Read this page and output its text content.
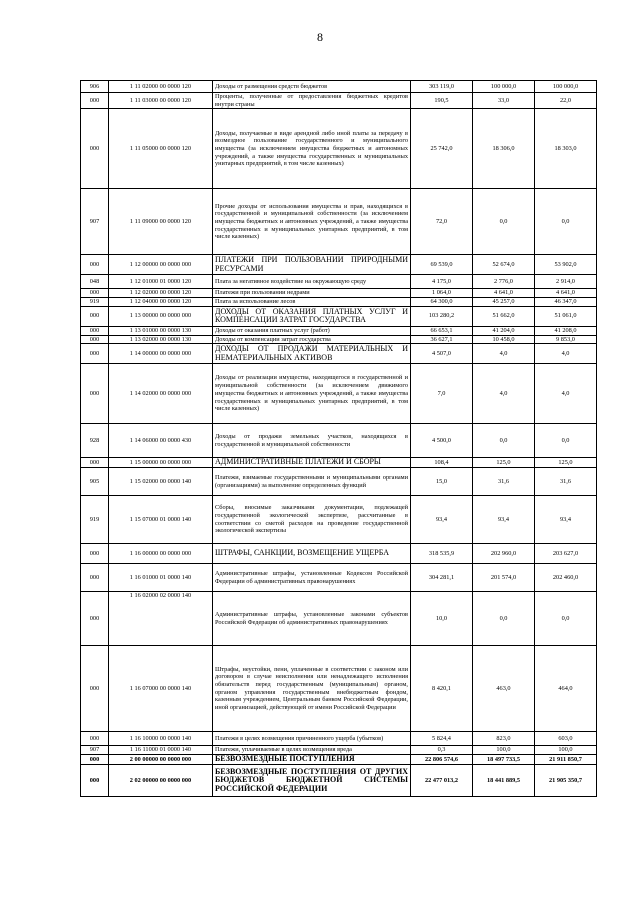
8
906	1 11 02000 00 0000 120	Доходы от размещения средств бюджетов	303 119,0	100 000,0	100 000,0
000	1 11 03000 00 0000 120	Проценты, полученные от предоставления бюджетных кредитов внутри страны	190,5	33,0	22,0
000	1 11 05000 00 0000 120	Доходы, получаемые в виде арендной либо иной платы за передачу в возмездное пользование государственного и муниципального имущества (за исключением имущества бюджетных и автономных учреждений, а также имущества государственных и муниципальных унитарных предприятий, в том числе казенных)	25 742,0	18 306,0	18 303,0
907	1 11 09000 00 0000 120	Прочие доходы от использования имущества и прав, находящихся в государственной и муниципальной собственности (за исключением имущества бюджетных и автономных учреждений, а также имущества государственных и муниципальных унитарных предприятий, в том числе казенных)	72,0	0,0	0,0
000	1 12 00000 00 0000 000	ПЛАТЕЖИ ПРИ ПОЛЬЗОВАНИИ ПРИРОДНЫМИ РЕСУРСАМИ	69 539,0	52 674,0	53 902,0
048	1 12 01000 01 0000 120	Плата за негативное воздействие на окружающую среду	4 175,0	2 776,0	2 914,0
000	1 12 02000 00 0000 120	Платежи при пользовании недрами	1 064,0	4 641,0	4 641,0
919	1 12 04000 00 0000 120	Плата за использование лесов	64 300,0	45 257,0	46 347,0
000	1 13 00000 00 0000 000	ДОХОДЫ ОТ ОКАЗАНИЯ ПЛАТНЫХ УСЛУГ И КОМПЕНСАЦИИ ЗАТРАТ ГОСУДАРСТВА	103 280,2	51 662,0	51 061,0
000	1 13 01000 00 0000 130	Доходы от оказания платных услуг (работ)	66 653,1	41 204,0	41 208,0
000	1 13 02000 00 0000 130	Доходы от компенсации затрат государства	36 627,1	10 458,0	9 853,0
000	1 14 00000 00 0000 000	ДОХОДЫ ОТ ПРОДАЖИ МАТЕРИАЛЬНЫХ И НЕМАТЕРИАЛЬНЫХ АКТИВОВ	4 507,0	4,0	4,0
000	1 14 02000 00 0000 000	Доходы от реализации имущества, находящегося в государственной и муниципальной собственности (за исключением движимого имущества бюджетных и автономных учреждений, а также имущества государственных и муниципальных унитарных предприятий, в том числе казенных)	7,0	4,0	4,0
928	1 14 06000 00 0000 430	Доходы от продажи земельных участков, находящихся в государственной и муниципальной собственности	4 500,0	0,0	0,0
000	1 15 00000 00 0000 000	АДМИНИСТРАТИВНЫЕ ПЛАТЕЖИ И СБОРЫ	108,4	125,0	125,0
905	1 15 02000 00 0000 140	Платежи, взимаемые государственными и муниципальными органами (организациями) за выполнение определенных функций	15,0	31,6	31,6
919	1 15 07000 01 0000 140	Сборы, вносимые заказчиками документации, подлежащей государственной экологической экспертизе, рассчитанные в соответствии со сметой расходов на проведение государственной экологической экспертизы	93,4	93,4	93,4
000	1 16 00000 00 0000 000	ШТРАФЫ, САНКЦИИ, ВОЗМЕЩЕНИЕ УЩЕРБА	318 535,9	202 960,0	203 627,0
000	1 16 01000 01 0000 140	Административные штрафы, установленные Кодексом Российской Федерации об административных правонарушениях	304 281,1	201 574,0	202 460,0
000	1 16 02000 02 0000 140	Административные штрафы, установленные законами субъектов Российской Федерации об административных правонарушениях	10,0	0,0	0,0
000	1 16 07000 00 0000 140	Штрафы, неустойки, пени, уплаченные в соответствии с законом или договором в случае неисполнения или ненадлежащего исполнения обязательств перед государственным (муниципальным) органом, органом управления государственным внебюджетным фондом, казенным учреждением, Центральным банком Российской Федерации, иной организацией, действующей от имени Российской Федерации	8 420,1	463,0	464,0
000	1 16 10000 00 0000 140	Платежи в целях возмещения причиненного ущерба (убытков)	5 824,4	823,0	603,0
907	1 16 11000 01 0000 140	Платежи, уплачиваемые в целях возмещения вреда	0,3	100,0	100,0
000	2 00 00000 00 0000 000	БЕЗВОЗМЕЗДНЫЕ ПОСТУПЛЕНИЯ	22 806 574,6	18 497 733,5	21 911 850,7
000	2 02 00000 00 0000 000	БЕЗВОЗМЕЗДНЫЕ ПОСТУПЛЕНИЯ ОТ ДРУГИХ БЮДЖЕТОВ БЮДЖЕТНОЙ СИСТЕМЫ РОССИЙСКОЙ ФЕДЕРАЦИИ	22 477 013,2	18 441 889,5	21 905 350,7
